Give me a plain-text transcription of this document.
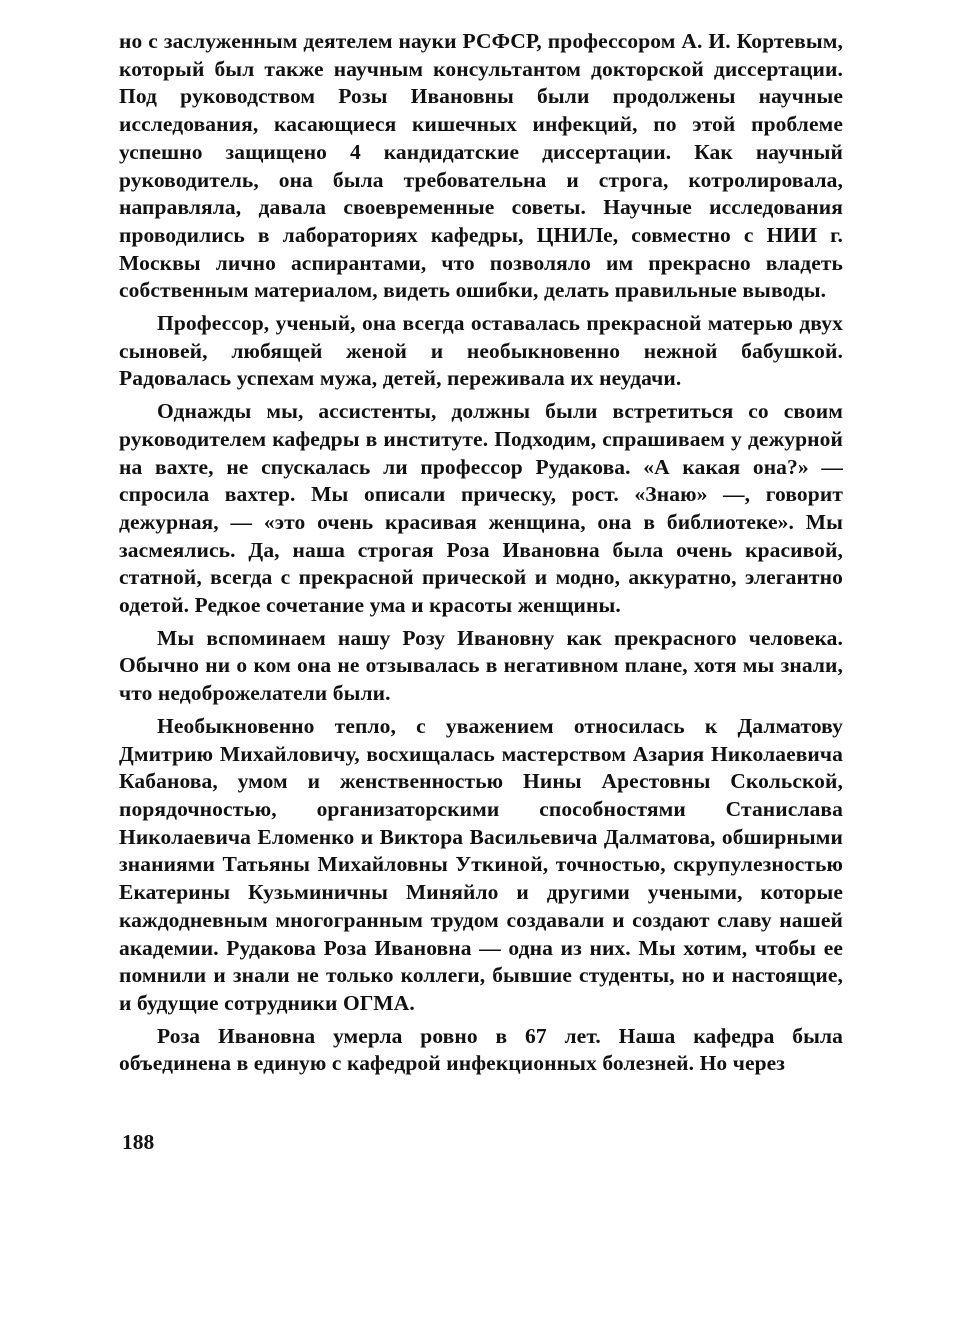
но с заслуженным деятелем науки РСФСР, профессором А. И. Кортевым, который был также научным консультантом докторской диссертации. Под руководством Розы Ивановны были продолжены научные исследования, касающиеся кишечных инфекций, по этой проблеме успешно защищено 4 кандидатские диссертации. Как научный руководитель, она была требовательна и строга, котролировала, направляла, давала своевременные советы. Научные исследования проводились в лабораториях кафедры, ЦНИЛе, совместно с НИИ г. Москвы лично аспирантами, что позволяло им прекрасно владеть собственным материалом, видеть ошибки, делать правильные выводы.

Профессор, ученый, она всегда оставалась прекрасной матерью двух сыновей, любящей женой и необыкновенно нежной бабушкой. Радовалась успехам мужа, детей, переживала их неудачи.

Однажды мы, ассистенты, должны были встретиться со своим руководителем кафедры в институте. Подходим, спрашиваем у дежурной на вахте, не спускалась ли профессор Рудакова. «А какая она?» — спросила вахтер. Мы описали прическу, рост. «Знаю» —, говорит дежурная, — «это очень красивая женщина, она в библиотеке». Мы засмеялись. Да, наша строгая Роза Ивановна была очень красивой, статной, всегда с прекрасной прической и модно, аккуратно, элегантно одетой. Редкое сочетание ума и красоты женщины.

Мы вспоминаем нашу Розу Ивановну как прекрасного человека. Обычно ни о ком она не отзывалась в негативном плане, хотя мы знали, что недоброжелатели были.

Необыкновенно тепло, с уважением относилась к Далматову Дмитрию Михайловичу, восхищалась мастерством Азария Николаевича Кабанова, умом и женственностью Нины Арестовны Скольской, порядочностью, организаторскими способностями Станислава Николаевича Еломенко и Виктора Васильевича Далматова, обширными знаниями Татьяны Михайловны Уткиной, точностью, скрупулезностью Екатерины Кузьминичны Миняйло и другими учеными, которые каждодневным многогранным трудом создавали и создают славу нашей академии. Рудакова Роза Ивановна — одна из них. Мы хотим, чтобы ее помнили и знали не только коллеги, бывшие студенты, но и настоящие, и будущие сотрудники ОГМА.

Роза Ивановна умерла ровно в 67 лет. Наша кафедра была объединена в единую с кафедрой инфекционных болезней. Но через

188
